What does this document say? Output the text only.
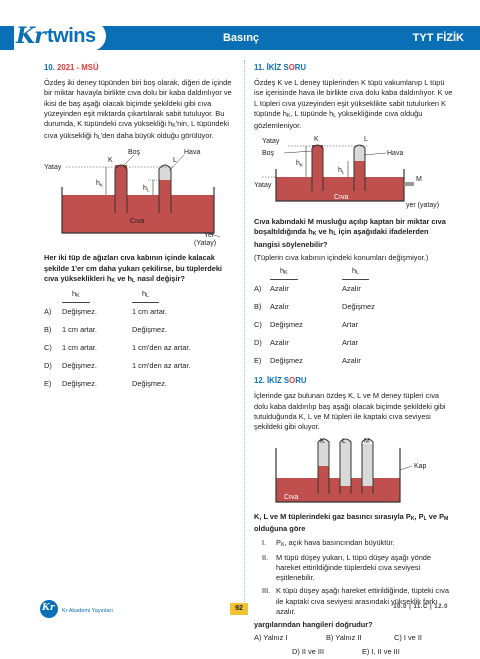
Kr twins	Basınç	TYT FİZİK
10. 2021 - MSÜ
Özdeş iki deney tüpünden biri boş olarak, diğeri de içinde bir miktar havayla birlikte cıva dolu bir kaba daldırılıyor ve ikisi de baş aşağı olacak biçimde şekildeki gibi cıva yüzeyinden eşit miktarda çıkartılarak sabit tutuluyor. Bu durumda, K tüpündeki cıva yüksekliği hK'nin, L tüpündeki cıva yüksekliği hL'den daha büyük olduğu görülüyor.
Boş	Hava
Yatay
K	L
$h_K$	$h_L$
Cıva
Yer
(Yatay)
Her iki tüp de ağızları cıva kabının içinde kalacak şekilde 1'er cm daha yukarı çekilirse, bu tüplerdeki cıva yükseklikleri hK ve hL nasıl değişir?
	hK	hL
A)	Değişmez.	1 cm artar.
B)	1 cm artar.	Değişmez.
C)	1 cm artar.	1 cm'den az artar.
D)	Değişmez.	1 cm'den az artar.
E)	Değişmez.	Değişmez.
11. İKİZ SORU
Özdeş K ve L deney tüplerinden K tüpü vakumlanıp L tüpü ise içerisinde hava ile birlikte cıva dolu kaba daldırılıyor. K ve L tüpleri cıva yüzeyinden eşit yükseklikte sabit tutulurken K tüpünde hK, L tüpünde hL yüksekliğinde cıva olduğu gözlemleniyor.
M
Yatay
Boş
K	L
Hava
$h_K$
$h_L$
Yatay
Cıva
yer (yatay)
Cıva kabındaki M musluğu açılıp kaptan bir miktar cıva boşaltıldığında hK ve hL için aşağıdaki ifadelerden hangisi söylenebilir?
(Tüplerin cıva kabının içindeki konumları değişmiyor.)
	hK	hL
A)	Azalır	Azalır
B)	Azalır	Değişmez
C)	Değişmez	Artar
D)	Azalır	Artar
E)	Değişmez	Azalır
12. İKİZ SORU
İçlerinde gaz bulunan özdeş K, L ve M deney tüpleri cıva dolu kaba daldırılıp baş aşağı olacak biçimde şekildeki gibi tutulduğunda K, L ve M tüpleri ile kaptaki cıva seviyesi şekildeki gibi oluyor.
K L	M
Kap
Cıva
K, L ve M tüplerindeki gaz basıncı sırasıyla PK, PL ve PM olduğuna göre
I.	PK, açık hava basıncından büyüktür.
II.	M tüpü düşey yukarı, L tüpü düşey aşağı yönde hareket ettirildiğinde tüplerdeki cıva seviyesi eşitlenebilir.
III. K tüpü düşey aşağı hareket ettirildiğinde, tüpteki cıva ile kaptaki cıva seviyesi arasındaki yükseklik farkı azalır.
yargılarından hangileri doğrudur?
A) Yalnız I	B) Yalnız II	C) I ve II
D) II ve III	E) I, II ve III
Kr Kr Akademi Yayınları	92	10.0 | 11.C | 12.0
